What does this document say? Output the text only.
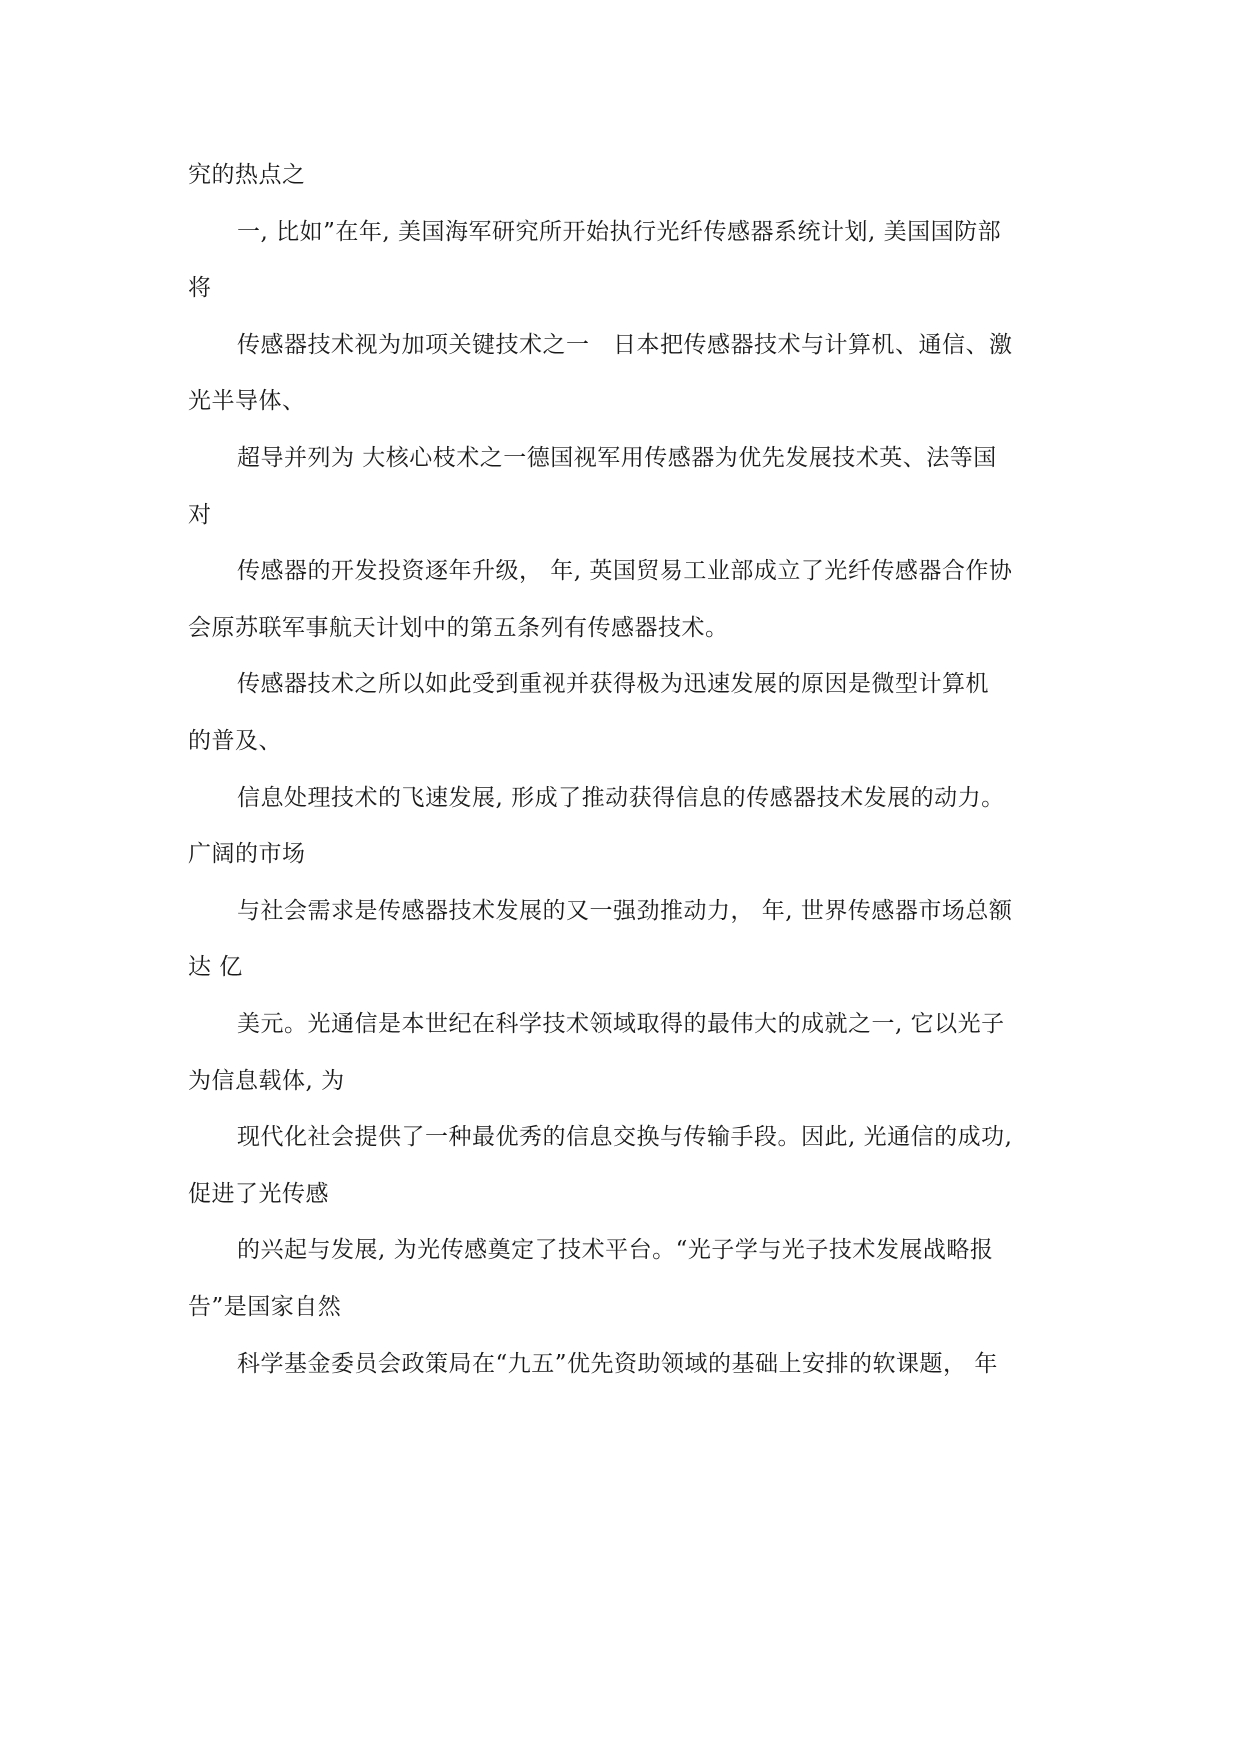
究的热点之
一, 比如”在年, 美国海军研究所开始执行光纤传感器系统计划, 美国国防部
将
传感器技术视为加项关键技术之一　日本把传感器技术与计算机、通信、激
光半导体、
超导并列为 大核心枝术之一德国视军用传感器为优先发展技术英、法等国
对
传感器的开发投资逐年升级， 年, 英国贸易工业部成立了光纤传感器合作协
会原苏联军事航天计划中的第五条列有传感器技术。
传感器技术之所以如此受到重视并获得极为迅速发展的原因是微型计算机
的普及、
信息处理技术的飞速发展, 形成了推动获得信息的传感器技术发展的动力。
广阔的市场
与社会需求是传感器技术发展的又一强劲推动力， 年, 世界传感器市场总额
达 亿
美元。光通信是本世纪在科学技术领域取得的最伟大的成就之一, 它以光子
为信息载体, 为
现代化社会提供了一种最优秀的信息交换与传输手段。因此, 光通信的成功,
促进了光传感
的兴起与发展, 为光传感奠定了技术平台。“光子学与光子技术发展战略报
告”是国家自然
科学基金委员会政策局在“九五”优先资助领域的基础上安排的软课题， 年
